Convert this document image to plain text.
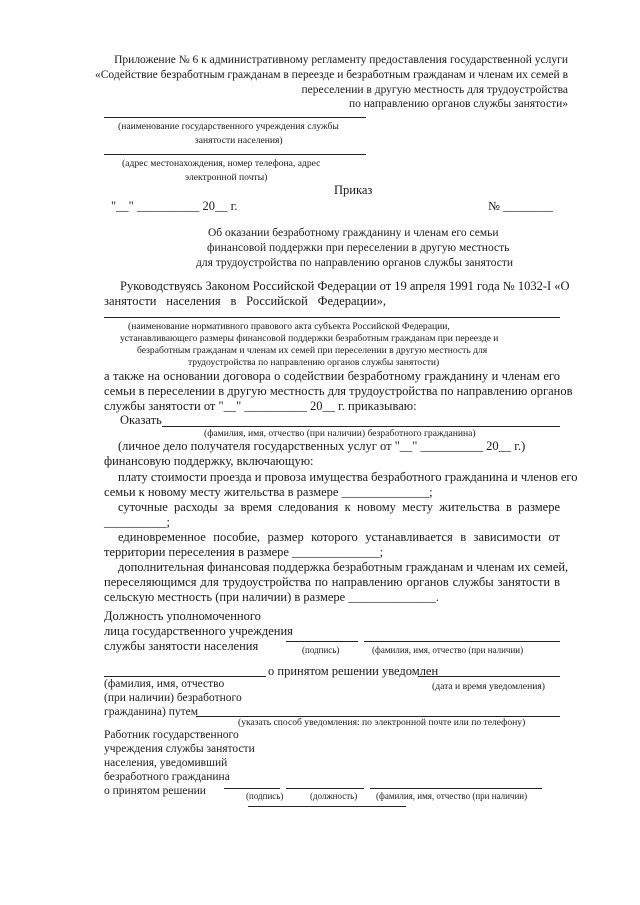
Приложение № 6 к административному регламенту предоставления государственной услуги
«Содействие безработным гражданам в переезде и безработным гражданам и членам их семей в
переселении в другую местность для трудоустройства
по направлению органов службы занятости»
(наименование государственного учреждения службы
занятости населения)
(адрес местонахождения, номер телефона, адрес
электронной почты)
Приказ
"__" __________ 20__ г.	№ ________
Об оказании безработному гражданину и членам его семьи
финансовой поддержки при переселении в другую местность
для трудоустройства по направлению органов службы занятости
Руководствуясь Законом Российской Федерации от 19 апреля 1991 года № 1032-I «О
занятости населения в Российской Федерации»,
(наименование нормативного правового акта субъекта Российской Федерации,
устанавливающего размеры финансовой поддержки безработным гражданам при переезде и
безработным гражданам и членам их семей при переселении в другую местность для
трудоустройства по направлению органов службы занятости)
а также на основании договора о содействии безработному гражданину и членам его
семьи в переселении в другую местность для трудоустройства по направлению органов
службы занятости от "__" __________ 20__ г. приказываю:
Оказать
(фамилия, имя, отчество (при наличии) безработного гражданина)
(личное дело получателя государственных услуг от "__" __________ 20__ г.)
финансовую поддержку, включающую:
плату стоимости проезда и провоза имущества безработного гражданина и членов его
семьи к новому месту жительства в размере ______________;
суточные расходы за время следования к новому месту жительства в размере
__________;
единовременное пособие, размер которого устанавливается в зависимости от
территории переселения в размере ______________;
дополнительная финансовая поддержка безработным гражданам и членам их семей,
переселяющимся для трудоустройства по направлению органов службы занятости в
сельскую местность (при наличии) в размере ______________.
Должность уполномоченного
лица государственного учреждения
службы занятости населения	(подпись)	(фамилия, имя, отчество (при наличии)
о принятом решении уведомлен
(фамилия, имя, отчество	(дата и время уведомления)
(при наличии) безработного
гражданина) путем
(указать способ уведомления: по электронной почте или по телефону)
Работник государственного
учреждения службы занятости
населения, уведомивший
безработного гражданина
о принятом решении	(подпись)	(должность) (фамилия, имя, отчество (при наличии)
